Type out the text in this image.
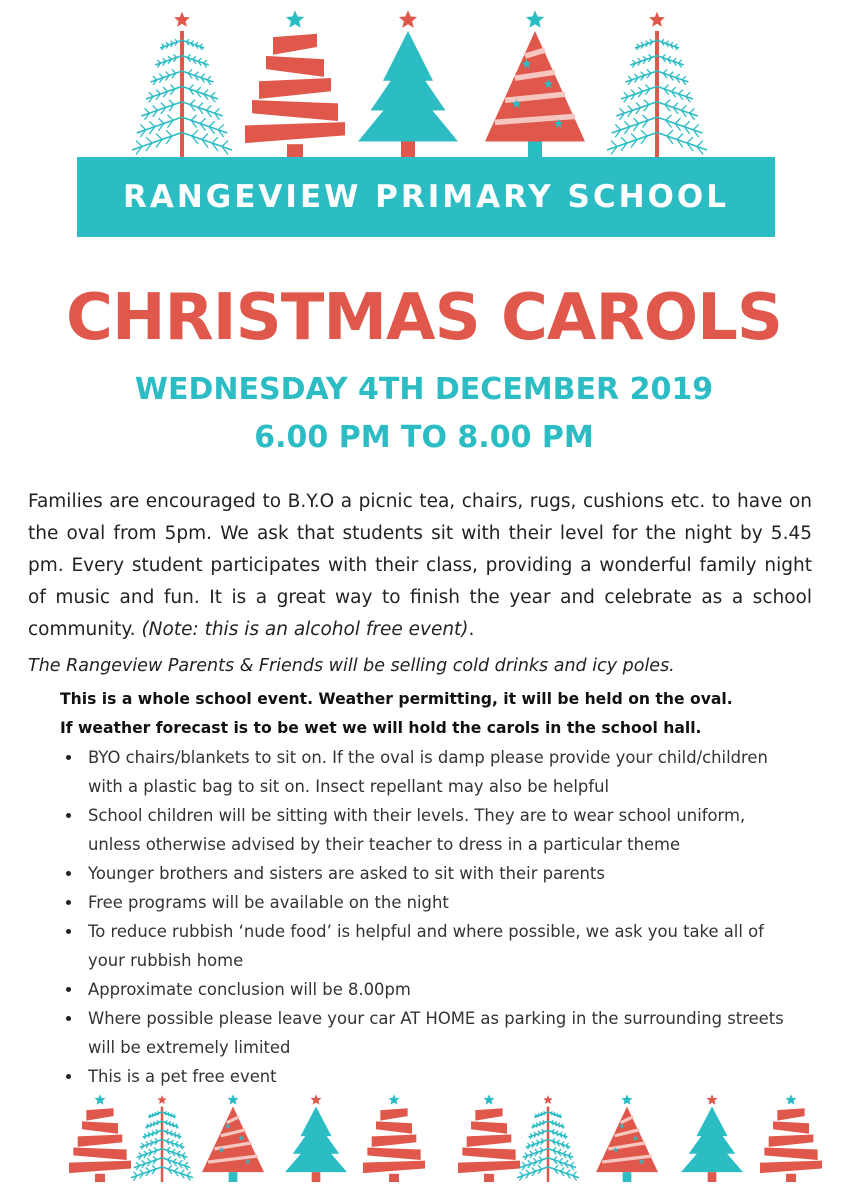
RANGEVIEW PRIMARY SCHOOL
CHRISTMAS CAROLS
WEDNESDAY 4TH DECEMBER 2019
6.00 PM TO 8.00 PM
Families are encouraged to B.Y.O a picnic tea, chairs, rugs, cushions etc. to have on the oval from 5pm. We ask that students sit with their level for the night by 5.45 pm. Every student participates with their class, providing a wonderful family night of music and fun. It is a great way to finish the year and celebrate as a school community. (Note: this is an alcohol free event).
The Rangeview Parents & Friends will be selling cold drinks and icy poles.
This is a whole school event. Weather permitting, it will be held on the oval.
If weather forecast is to be wet we will hold the carols in the school hall.
BYO chairs/blankets to sit on. If the oval is damp please provide your child/children with a plastic bag to sit on. Insect repellant may also be helpful
School children will be sitting with their levels. They are to wear school uniform, unless otherwise advised by their teacher to dress in a particular theme
Younger brothers and sisters are asked to sit with their parents
Free programs will be available on the night
To reduce rubbish ‘nude food’ is helpful and where possible, we ask you take all of your rubbish home
Approximate conclusion will be 8.00pm
Where possible please leave your car AT HOME as parking in the surrounding streets will be extremely limited
This is a pet free event
